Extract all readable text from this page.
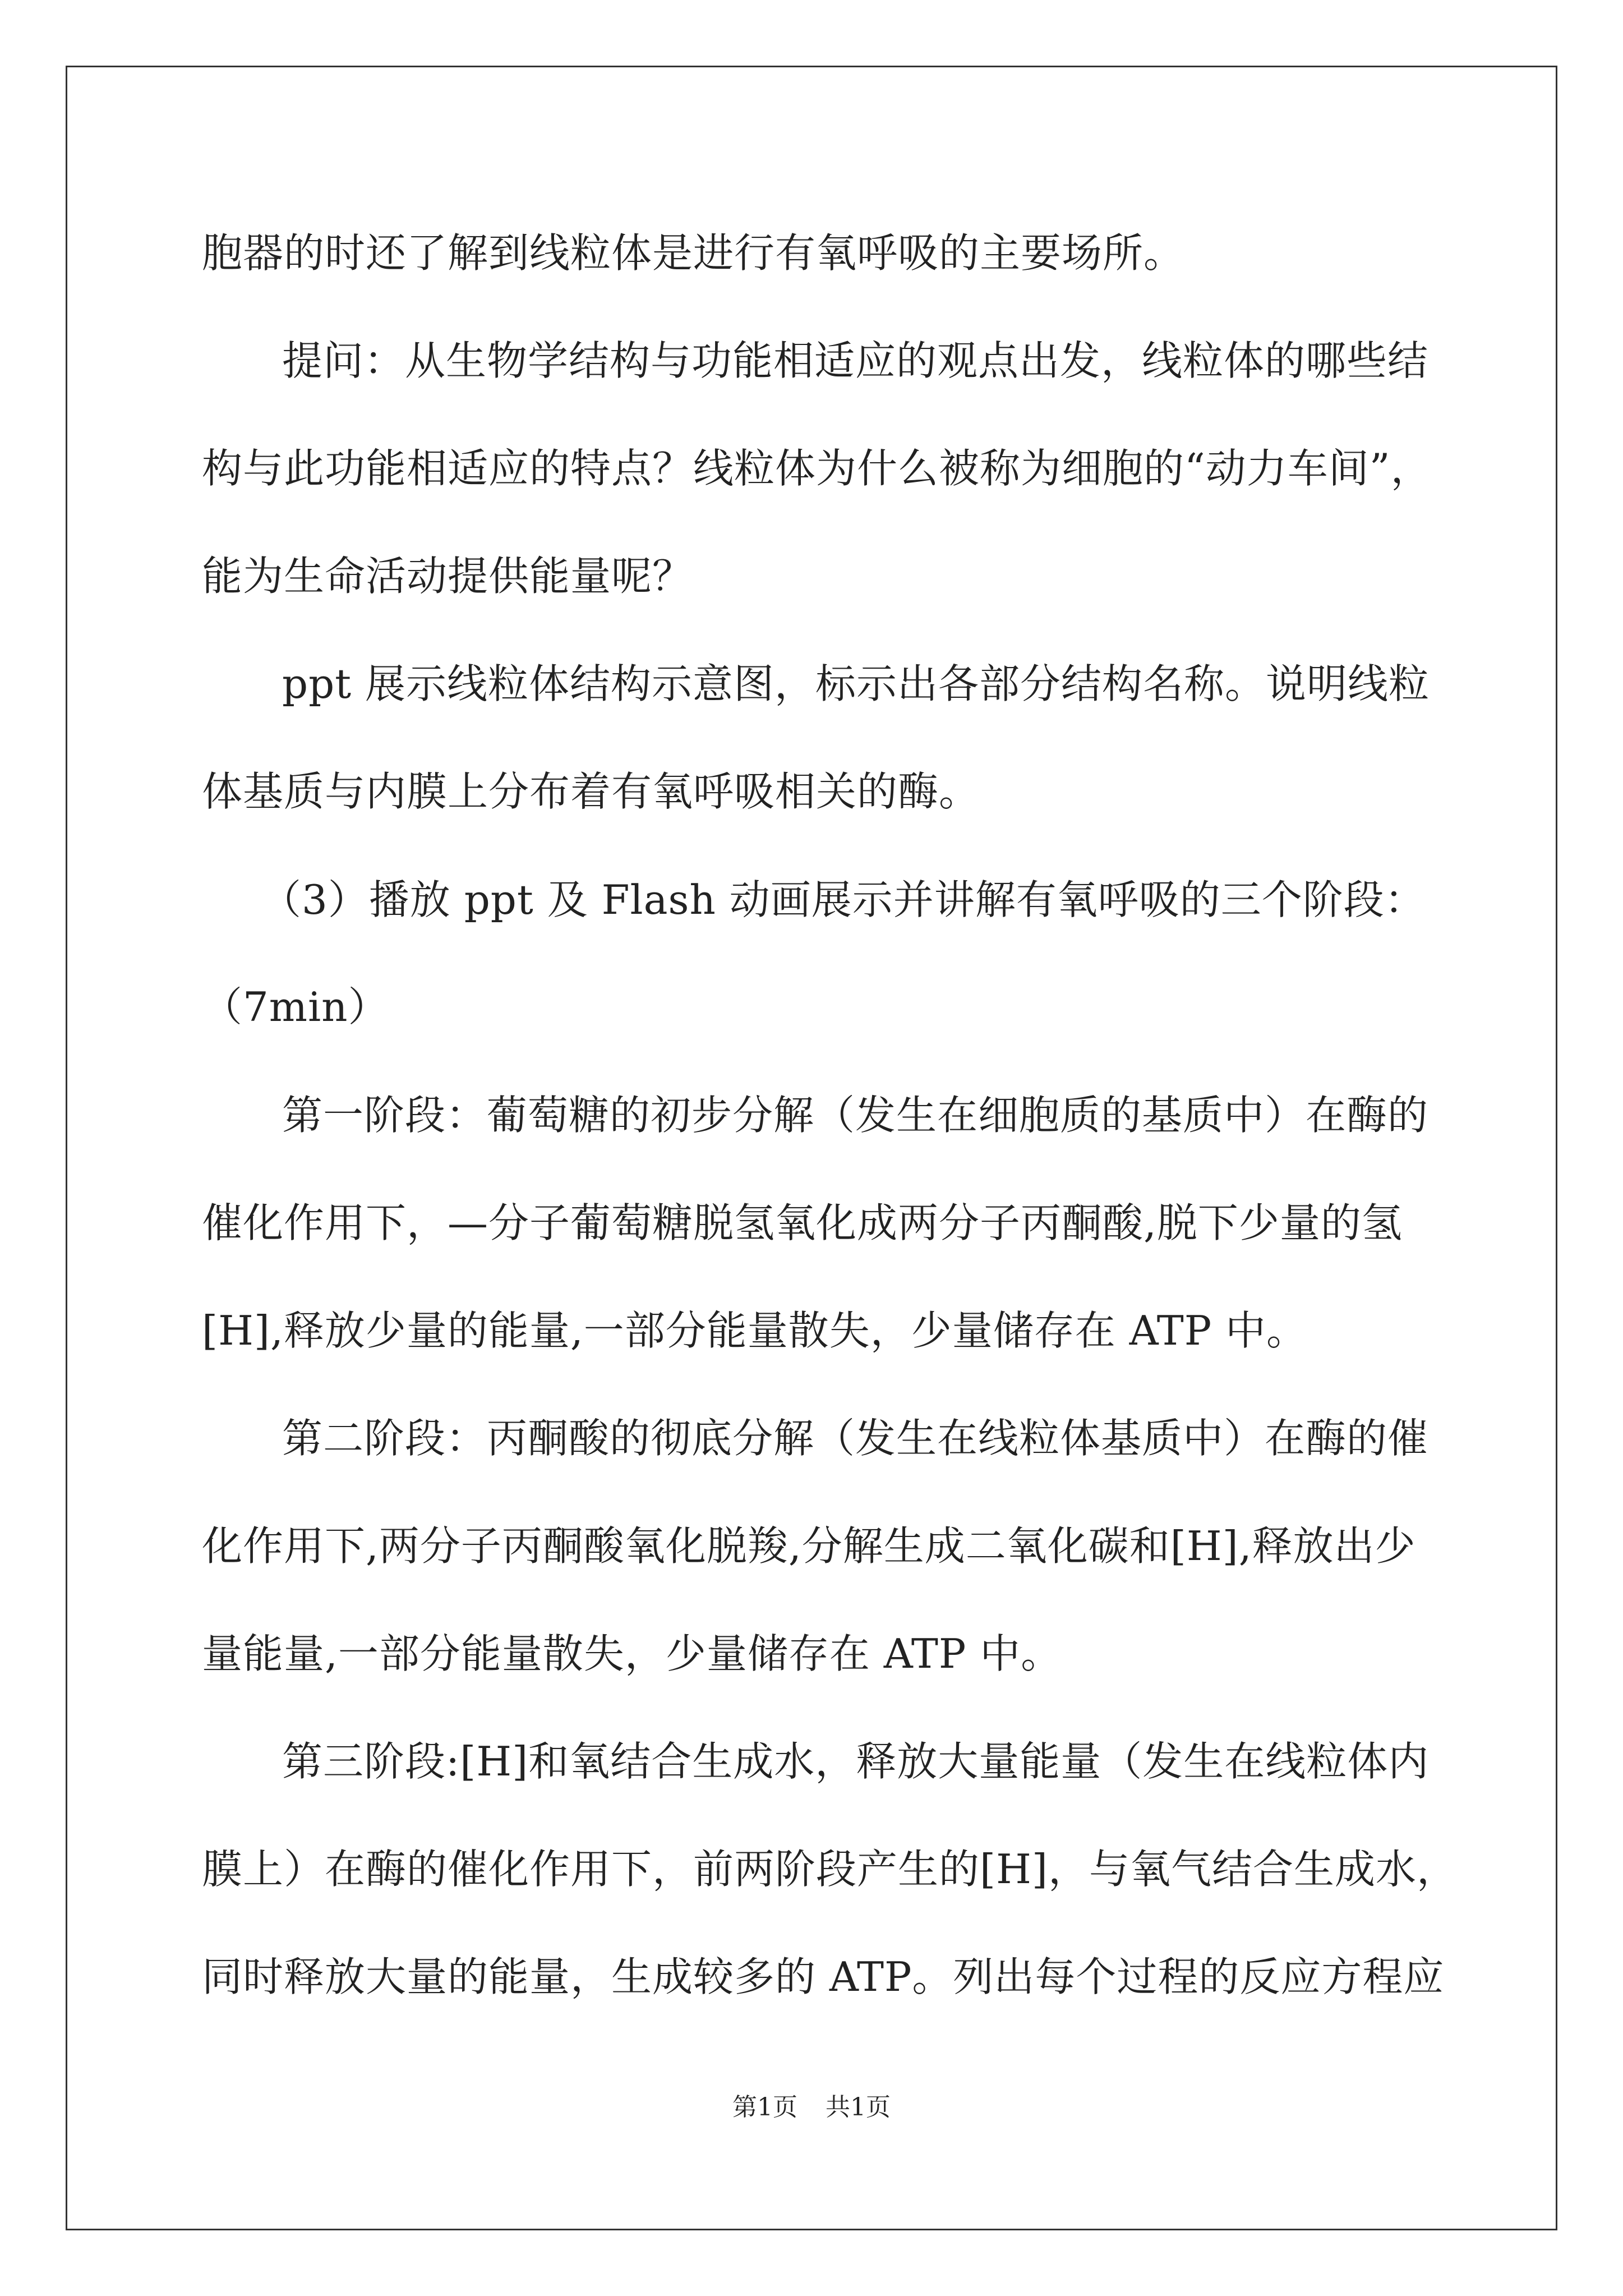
胞器的时还了解到线粒体是进行有氧呼吸的主要场所。
提问：从生物学结构与功能相适应的观点出发，线粒体的哪些结
构与此功能相适应的特点？线粒体为什么被称为细胞的“动力车间”，
能为生命活动提供能量呢？
ppt 展示线粒体结构示意图，标示出各部分结构名称。说明线粒
体基质与内膜上分布着有氧呼吸相关的酶。
（3）播放 ppt 及 Flash 动画展示并讲解有氧呼吸的三个阶段：
（7min）
第一阶段：葡萄糖的初步分解（发生在细胞质的基质中）在酶的
催化作用下，—分子葡萄糖脱氢氧化成两分子丙酮酸,脱下少量的氢
[H],释放少量的能量,一部分能量散失，少量储存在 ATP 中。
第二阶段：丙酮酸的彻底分解（发生在线粒体基质中）在酶的催
化作用下,两分子丙酮酸氧化脱羧,分解生成二氧化碳和[H],释放出少
量能量,一部分能量散失，少量储存在 ATP 中。
第三阶段:[H]和氧结合生成水，释放大量能量（发生在线粒体内
膜上）在酶的催化作用下，前两阶段产生的[H]，与氧气结合生成水，
同时释放大量的能量，生成较多的 ATP。列出每个过程的反应方程应
第1页 共1页
